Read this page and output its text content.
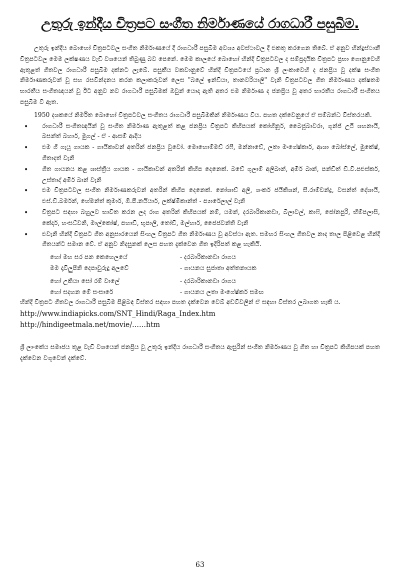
උතුරු ඉන්දීය චිත්‍රපට සංගීත නිර්මාණයේ රාගධාරී පසුබිම.

උතුරු ඉන්දීය බොහෝ චිත්‍රපටවල සංගීත නිර්මාණයේ දී රාගධාරී පසුබිම අවශ්‍ය අවස්ථාවල දී එකතු කරගෙන තිබේ. ඒ අනුව හින්දුස්ථානී චිත්‍රපටවල මෙම ලක්ෂණය වැඩි වශයෙන් තිබුණු බව පෙනේ. මෙම කාලයේ බොහෝ හින්දි චිත්‍රපටවල ද සම්ප්‍රදායික චිත්‍රපට ප්‍රභා ගොනුවෙහි ඇතුළත් ගීතවල රාගධාරී පසුබිම දක්නට ලැබේ. පසුකීය වකවානුවේ හින්දි චිත්‍රපටයේ ප්‍රධාන ශ්‍රී ලංකාවෙහි ද ජනප්‍රිය වූ දක්ෂ සංගීත නිර්මාණකරුවන් වූ සහ රසවින්දනය කරන කලාකරුවන් ලෙස "බලේ ඉන්ඩියා, තානවරියාලි" වැනි චිත්‍රපටවල ගීත නිර්මාණය දක්ෂතම භාරතීය සංගීතඥයන් වූ ඊට අනුව නව රාගධාරී පසුබිමක් ඔවුන් යොදා ඇති අතර එම නිර්මාණ ද ජනප්‍රිය වූ අතර භාරතීය රාගධාරී සංගීතය පසුබිම වී ඇත.

1950 දශකයේ නිර්මිත බොහෝ චිත්‍රපටවල සංගීතය රාගධාරී පසුබිමකින් නිර්මාණය විය. පහත දක්වෙනුයේ ඒ සම්බන්ධ විස්තරයකි.

• රාගධාරී සංගීතඥයින් වූ සංගීත නිර්මාණ ඇතුළත් කළ ජනප්‍රිය චිත්‍රපට කිහිපයක් කෝහිනූර්, බෛජූබාවරා, ගූන්ජ් උඨී ශහනායි, බසන්ත් බහාර්, මුගල් - ඒ - ආසම් ආදිය
• එම ගී ගැයූ ගායක - ගායිකාවන් අතරින් ජනප්‍රිය වූවෝ. මොහොම්මඩ් රෆී, මන්නාඩේ, ලතා මංගේෂ්කාර්, ආශා බෝස්ලේ, මුකේෂ්, ගීතාදත් වැනි
• ගීත ගායනය කළ ශාස්ත්‍රීය ගායක - ගායිකාවන් අතරින් කිහිප දෙනෙක්. බඩේ ගුලාම් අලිඛාන්, අමීර් ඛාන්, පන්ඩිත් ඩී.වී.පළුස්කර්, උස්තාද් අමීර් ඛාන් වැනි
• එම චිත්‍රපටවල සංගීත නිර්මාණකරුවන් අතරින් කිහිප දෙනෙක්. නෝශාඩ් අලී, ශංකර් ජයිකිශන්, සී.රාම්චන්ද්‍ර, වසන්ත් දේශායි, එස්.ඩී.බර්මන්, හේමන්ත් කුමාර්, ඕ.පී.නයියාර්, ලක්ෂ්මිකාන්ත් - ප්‍යාරේලාල් වැනි
• චිත්‍රපට සඳහා බහුලව භාවිත කරන ලද රාග අතරින් කිහිපයක් නම්, යමන්, දරබාරිකානඩා, බිලාවල්, කාෆි, ජෝනපුරි, භීම්පලාසි, කේදාර්, හංසධ්වනි, මාල්කෝෂ්, පහාඩි, භූපාලි, තෝඩි, මල්හාර්, ජෛජවන්ති වැනි
• එවැනි හින්දි චිත්‍රපට ගීත අනුසාරයෙන් සිංහල චිත්‍රපට ගීත නිර්මාණය වූ අවස්ථා ඇත. සමහර සිංහල ගීතවල නාද තාල පිළිවෙළ හින්දි ගීතයන්ට සමාන වේ. ඒ අනුව නිදසුනක් ලෙස පහත දැක්වෙන ගීත ඉදිරිපත් කළ හැකියි.
හෝ මහ සර පන කෙහෙලයේ	- දරබාරිකානඩා රාගය
මම දෑවිලුපිනි දෙපාවුරුදු අලවේ	- ගායනය සුජාතා අත්තනායක
හෝ උකියා සෝ රම් වාලේ	- දරබාරිකානඩා රාගය
හෝ සදහන මේ සංසාරේ	- ගායනය ලතා මංගේෂ්කර් සමඟ

හින්දි චිත්‍රපට ගීතවල රාගධාරී පසුබිම පිළිබඳ විස්තර සඳහා පහත දැක්වෙන වෙබ් අඩවිවලින් ඒ සඳහා විස්තර ලබාගත හැකි ය.

http://www.indiapicks.com/SNT_Hindi/Raga_Index.htm

http://hindigeetmala.net/movie/……htm

ශ්‍රී ලාංකේය සමාජය තුළ වැඩි වශයෙන් ජනප්‍රිය වූ උතුරු ඉන්දීය රාගධාරී සංගීතය ඇසුරින් සංගීත නිර්මාණය වූ ගීත හා චිත්‍රපට කිහිපයක් පහත දැක්වෙන වගුවෙන් දැක්වේ.

63
